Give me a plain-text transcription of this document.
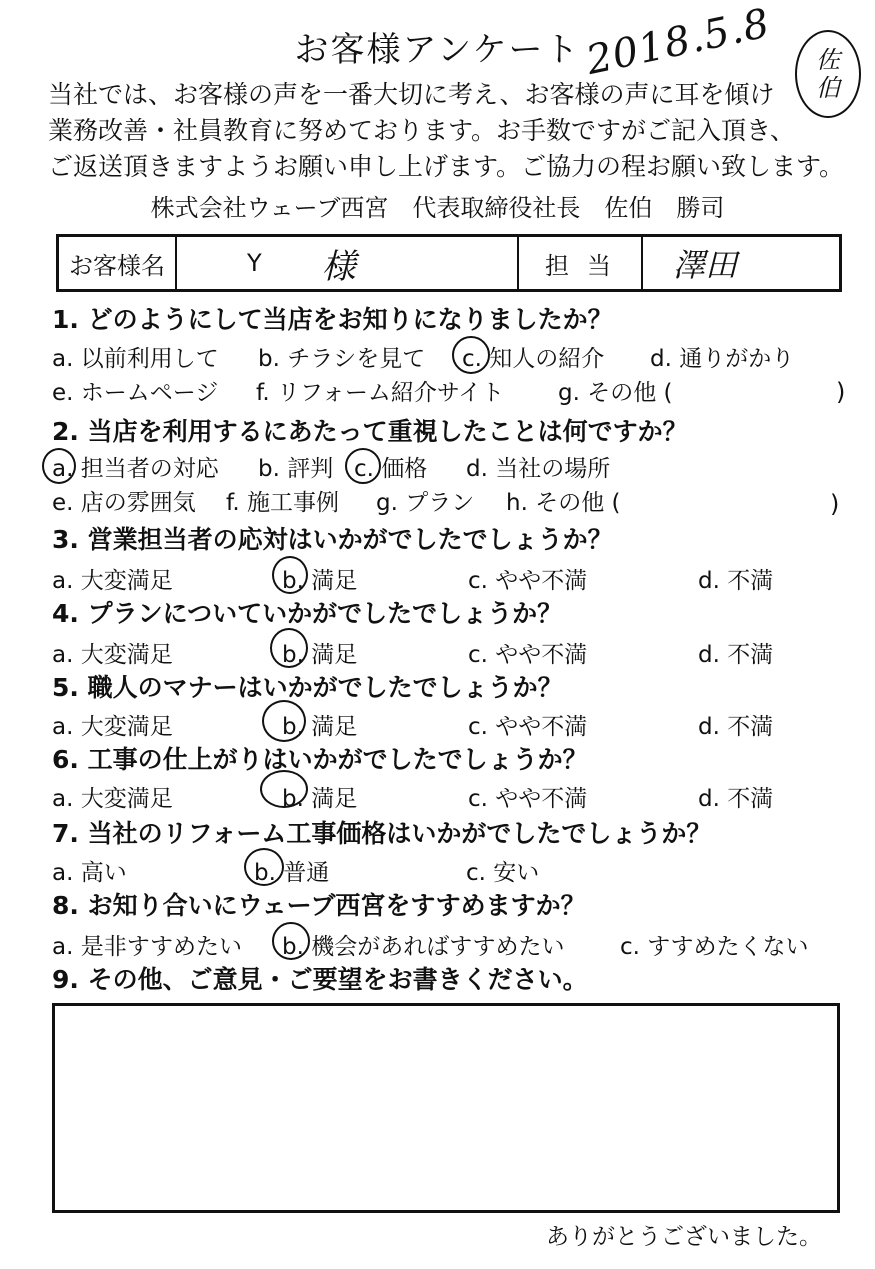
お客様アンケート 2018.5.8 佐
伯
当社では、お客様の声を一番大切に考え、お客様の声に耳を傾け
業務改善・社員教育に努めております。お手数ですがご記入頂き、
ご返送頂きますようお願い申し上げます。ご協力の程お願い致します。
株式会社ウェーブ西宮　代表取締役社長　佐伯　勝司
お客様名	Y 様	担当	澤田
1. どのようにして当店をお知りになりましたか？
a. 以前利用して b. チラシを見て c. 知人の紹介 d. 通りがかり
e. ホームページ f. リフォーム紹介サイト g. その他 (	)
2. 当店を利用するにあたって重視したことは何ですか？
a. 担当者の対応 b. 評判 c. 価格 d. 当社の場所
e. 店の雰囲気 f. 施工事例 g. プラン h. その他 (	)
3. 営業担当者の応対はいかがでしたでしょうか？
a. 大変満足	b. 満足	c. やや不満	d. 不満
4. プランについていかがでしたでしょうか？
a. 大変満足	b. 満足	c. やや不満	d. 不満
5. 職人のマナーはいかがでしたでしょうか？
a. 大変満足	b. 満足	c. やや不満	d. 不満
6. 工事の仕上がりはいかがでしたでしょうか？
a. 大変満足	b. 満足	c. やや不満	d. 不満
7. 当社のリフォーム工事価格はいかがでしたでしょうか？
a. 高い	b. 普通	c. 安い
8. お知り合いにウェーブ西宮をすすめますか？
a. 是非すすめたい b. 機会があればすすめたい c. すすめたくない
9. その他、ご意見・ご要望をお書きください。
ありがとうございました。
